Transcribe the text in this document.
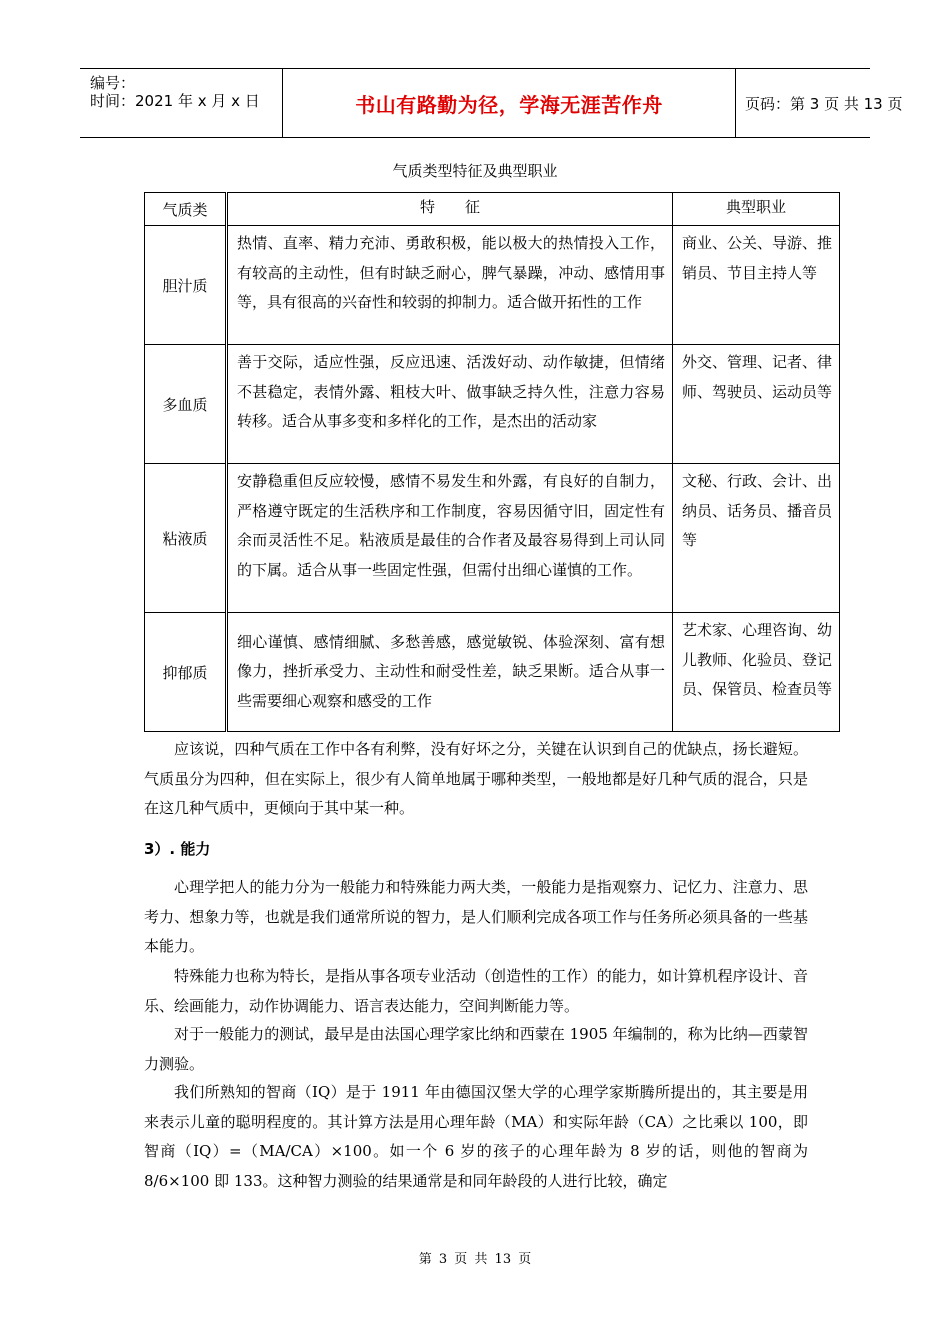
编号：
时间：2021 年 x 月 x 日	书山有路勤为径，学海无涯苦作舟	页码：第 3 页 共 13 页
气质类型特征及典型职业
气质类	特　　征	典型职业
胆汁质	热情、直率、精力充沛、勇敢积极，能以极大的热情投入工作，有较高的主动性，但有时缺乏耐心，脾气暴躁，冲动、感情用事等，具有很高的兴奋性和较弱的抑制力。适合做开拓性的工作	商业、公关、导游、推销员、节目主持人等
多血质	善于交际，适应性强，反应迅速、活泼好动、动作敏捷，但情绪不甚稳定，表情外露、粗枝大叶、做事缺乏持久性，注意力容易转移。适合从事多变和多样化的工作，是杰出的活动家	外交、管理、记者、律师、驾驶员、运动员等
粘液质	安静稳重但反应较慢，感情不易发生和外露，有良好的自制力，严格遵守既定的生活秩序和工作制度，容易因循守旧，固定性有余而灵活性不足。粘液质是最佳的合作者及最容易得到上司认同的下属。适合从事一些固定性强，但需付出细心谨慎的工作。	文秘、行政、会计、出纳员、话务员、播音员等
抑郁质	细心谨慎、感情细腻、多愁善感，感觉敏锐、体验深刻、富有想像力，挫折承受力、主动性和耐受性差，缺乏果断。适合从事一些需要细心观察和感受的工作	艺术家、心理咨询、幼儿教师、化验员、登记员、保管员、检查员等
应该说，四种气质在工作中各有利弊，没有好坏之分，关键在认识到自己的优缺点，扬长避短。气质虽分为四种，但在实际上，很少有人简单地属于哪种类型，一般地都是好几种气质的混合，只是在这几种气质中，更倾向于其中某一种。
3）. 能力
心理学把人的能力分为一般能力和特殊能力两大类，一般能力是指观察力、记忆力、注意力、思考力、想象力等，也就是我们通常所说的智力，是人们顺利完成各项工作与任务所必须具备的一些基本能力。
特殊能力也称为特长，是指从事各项专业活动（创造性的工作）的能力，如计算机程序设计、音乐、绘画能力，动作协调能力、语言表达能力，空间判断能力等。
对于一般能力的测试，最早是由法国心理学家比纳和西蒙在 1905 年编制的，称为比纳—西蒙智力测验。
我们所熟知的智商（IQ）是于 1911 年由德国汉堡大学的心理学家斯腾所提出的，其主要是用来表示儿童的聪明程度的。其计算方法是用心理年龄（MA）和实际年龄（CA）之比乘以 100，即智商（IQ）=（MA/CA）×100。如一个 6 岁的孩子的心理年龄为 8 岁的话，则他的智商为 8/6×100 即 133。这种智力测验的结果通常是和同年龄段的人进行比较，确定
第 3 页 共 13 页
